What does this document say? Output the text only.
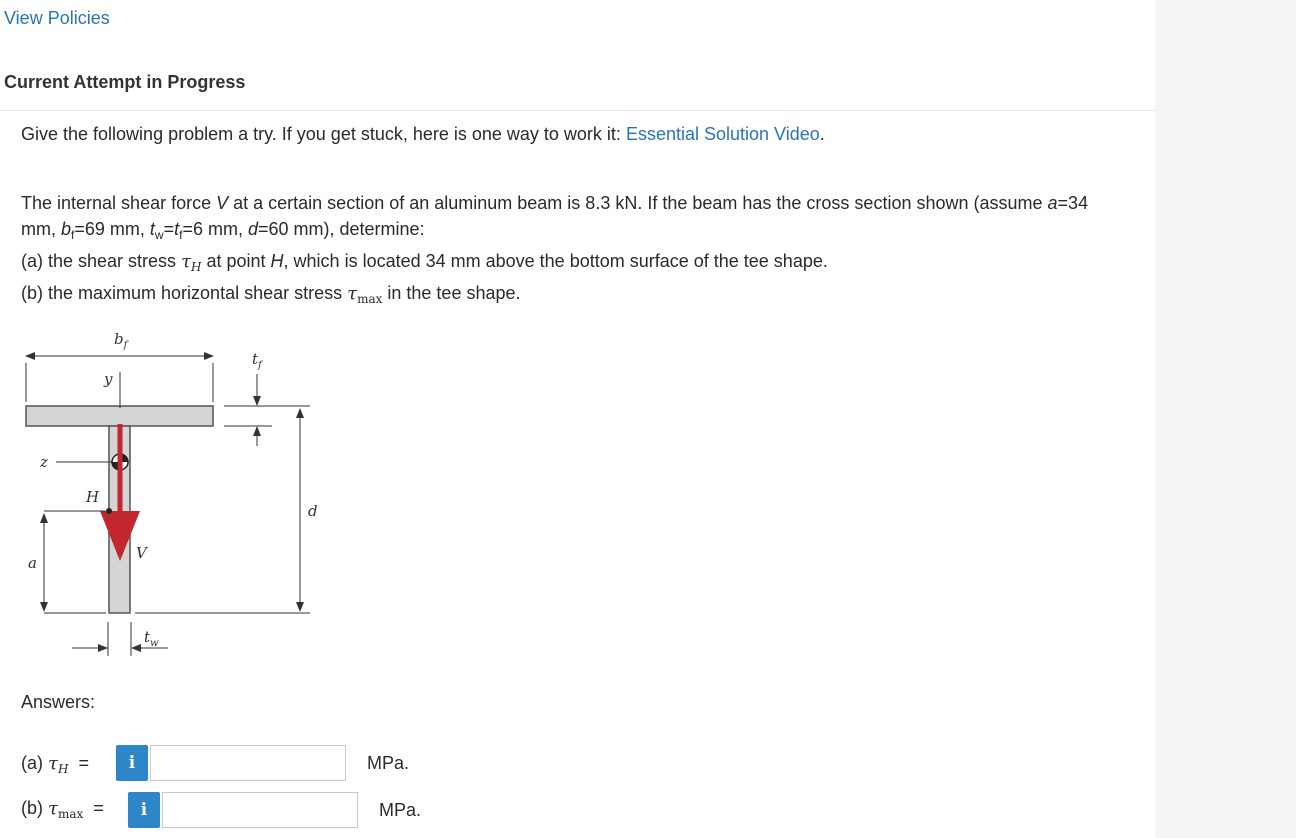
View Policies
Current Attempt in Progress
Give the following problem a try. If you get stuck, here is one way to work it: Essential Solution Video.

The internal shear force V at a certain section of an aluminum beam is 8.3 kN. If the beam has the cross section shown (assume a=34

mm, $b_f=69$ mm, $t_w=t_f=6$ mm, d=60 mm), determine:

(a) the shear stress $\tau_H$ at point H, which is located 34 mm above the bottom surface of the tee shape.

(b) the maximum horizontal shear stress $\tau_{max}$ in the tee shape.

$b_f$
$t_f$
d
y
z
V
H
a
$t_w$
Answers:
(a) $\tau_H$  =	i	MPa.
(b) $\tau_{max}$  =	i	MPa.
